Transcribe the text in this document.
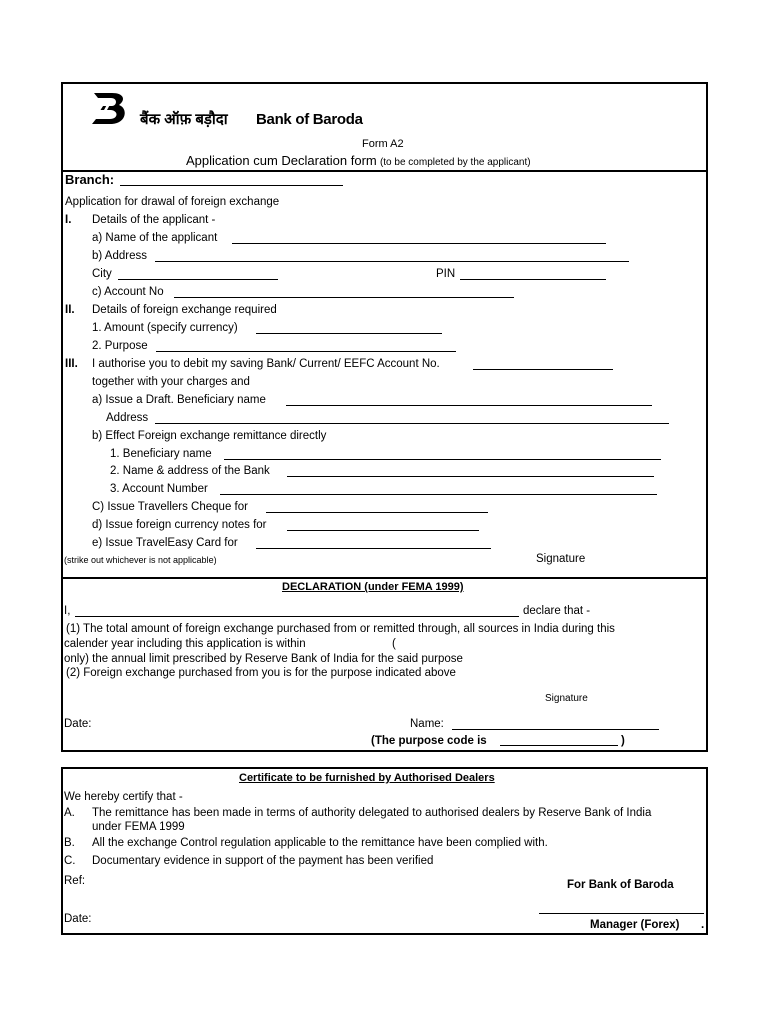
बैंक ऑफ़ बड़ौदा Bank of Baroda
Form A2
Application cum Declaration form (to be completed by the applicant)
Branch:
Application for drawal of foreign exchange
I. Details of the applicant -
a) Name of the applicant
b) Address
City	PIN
c) Account No
II. Details of foreign exchange required
1. Amount (specify currency)
2. Purpose
III. I authorise you to debit my saving Bank/ Current/ EEFC Account No.
together with your charges and
a) Issue a Draft. Beneficiary name
Address
b) Effect Foreign exchange remittance directly
1. Beneficiary name
2. Name & address of the Bank
3. Account Number
C) Issue Travellers Cheque for
d) Issue foreign currency notes for
e) Issue TravelEasy Card for
(strike out whichever is not applicable)	Signature
DECLARATION (under FEMA 1999)
I,	declare that -
(1) The total amount of foreign exchange purchased from or remitted through, all sources in India during this
calender year including this application is within	(
only) the annual limit prescribed by Reserve Bank of India for the said purpose
(2) Foreign exchange purchased from you is for the purpose indicated above
Signature
Date:	Name:
(The purpose code is	)
Certificate to be furnished by Authorised Dealers
We hereby certify that -
A. The remittance has been made in terms of authority delegated to authorised dealers by Reserve Bank of India
under FEMA 1999
B. All the exchange Control regulation applicable to the remittance have been complied with.
C. Documentary evidence in support of the payment has been verified
Ref:	For Bank of Baroda
Date:	Manager (Forex) .
